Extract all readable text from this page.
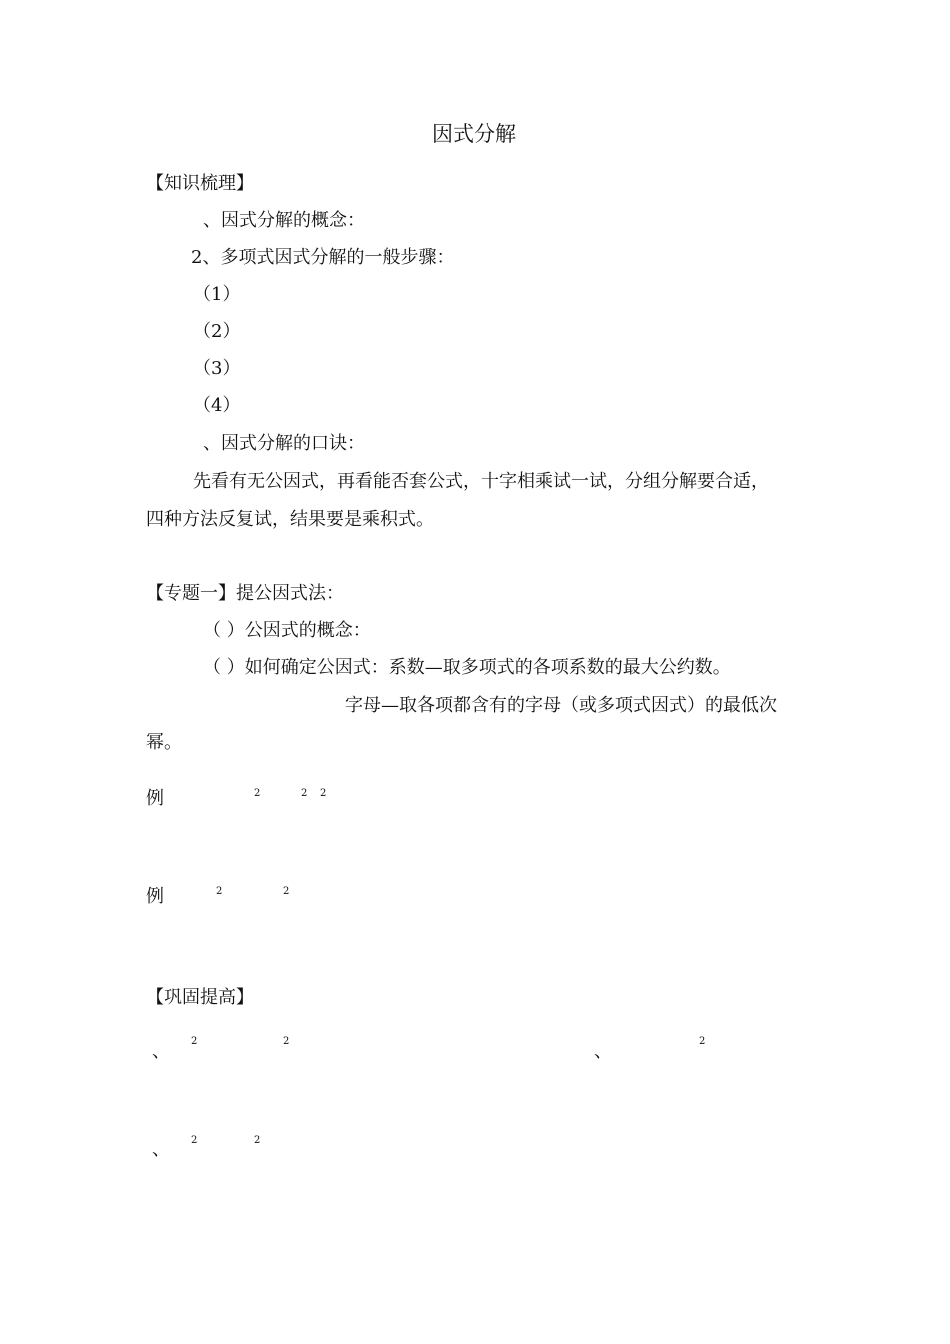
因式分解
【知识梳理】
、因式分解的概念：
2、多项式因式分解的一般步骤：
（1）
（2）
（3）
（4）
、因式分解的口诀：
先看有无公因式，再看能否套公式，十字相乘试一试，分组分解要合适，
四种方法反复试，结果要是乘积式。
【专题一】提公因式法：
（ ）公因式的概念：
（ ）如何确定公因式：系数—取多项式的各项系数的最大公约数。
字母—取各项都含有的字母（或多项式因式）的最低次
幂。
例	2	2 2
例	2	2
【巩固提高】
、 2	2	、	2
、 2	2
